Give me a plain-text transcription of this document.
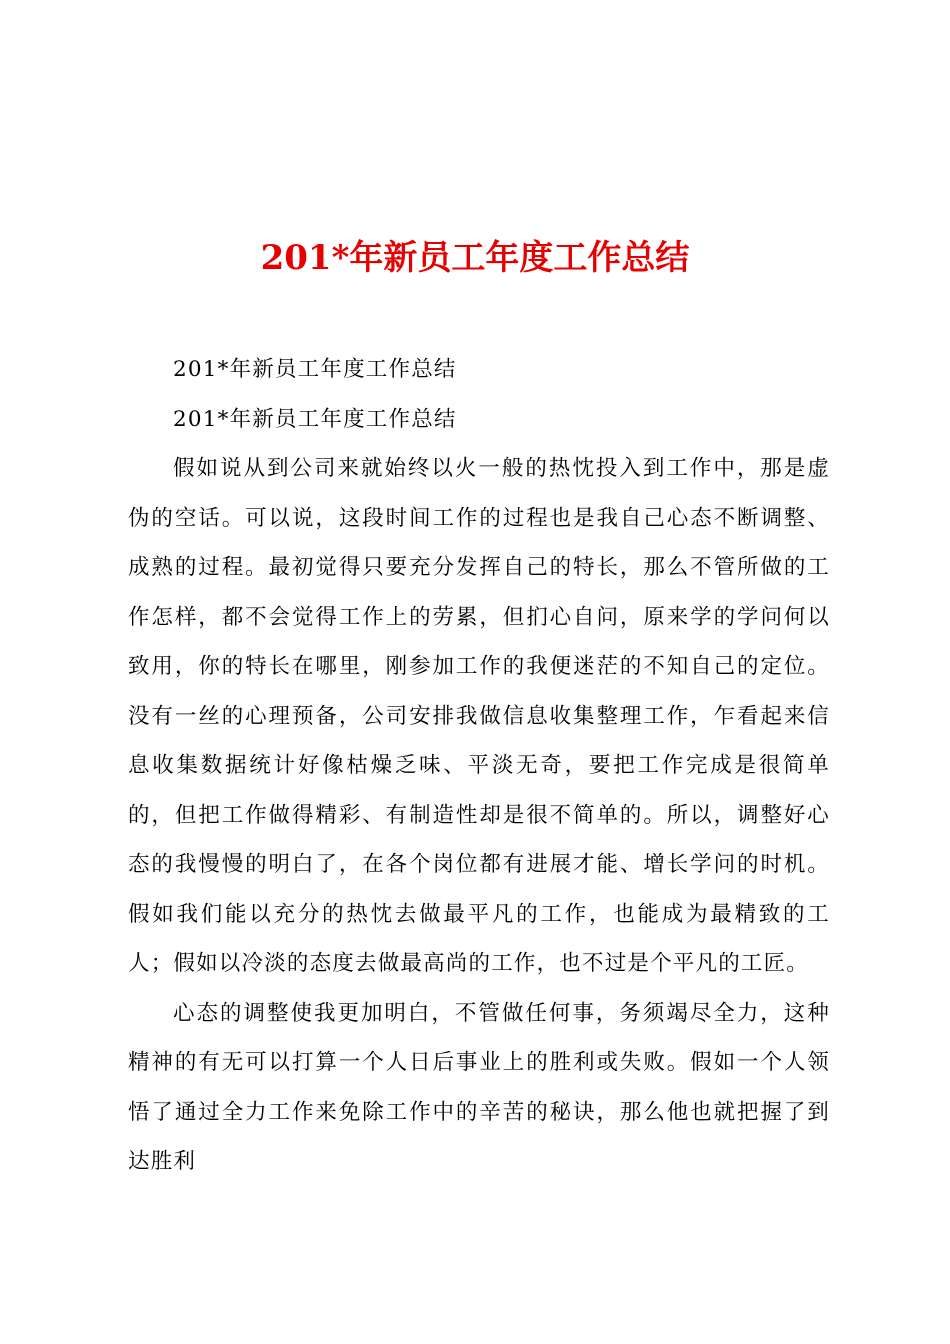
201*年新员工年度工作总结

201*年新员工年度工作总结

201*年新员工年度工作总结

假如说从到公司来就始终以火一般的热忱投入到工作中，那是虚伪的空话。可以说，这段时间工作的过程也是我自己心态不断调整、成熟的过程。最初觉得只要充分发挥自己的特长，那么不管所做的工作怎样，都不会觉得工作上的劳累，但扪心自问，原来学的学问何以致用，你的特长在哪里，刚参加工作的我便迷茫的不知自己的定位。没有一丝的心理预备，公司安排我做信息收集整理工作，乍看起来信息收集数据统计好像枯燥乏味、平淡无奇，要把工作完成是很简单的，但把工作做得精彩、有制造性却是很不简单的。所以，调整好心态的我慢慢的明白了，在各个岗位都有进展才能、增长学问的时机。假如我们能以充分的热忱去做最平凡的工作，也能成为最精致的工人；假如以冷淡的态度去做最高尚的工作，也不过是个平凡的工匠。

心态的调整使我更加明白，不管做任何事，务须竭尽全力，这种精神的有无可以打算一个人日后事业上的胜利或失败。假如一个人领悟了通过全力工作来免除工作中的辛苦的秘诀，那么他也就把握了到达胜利
